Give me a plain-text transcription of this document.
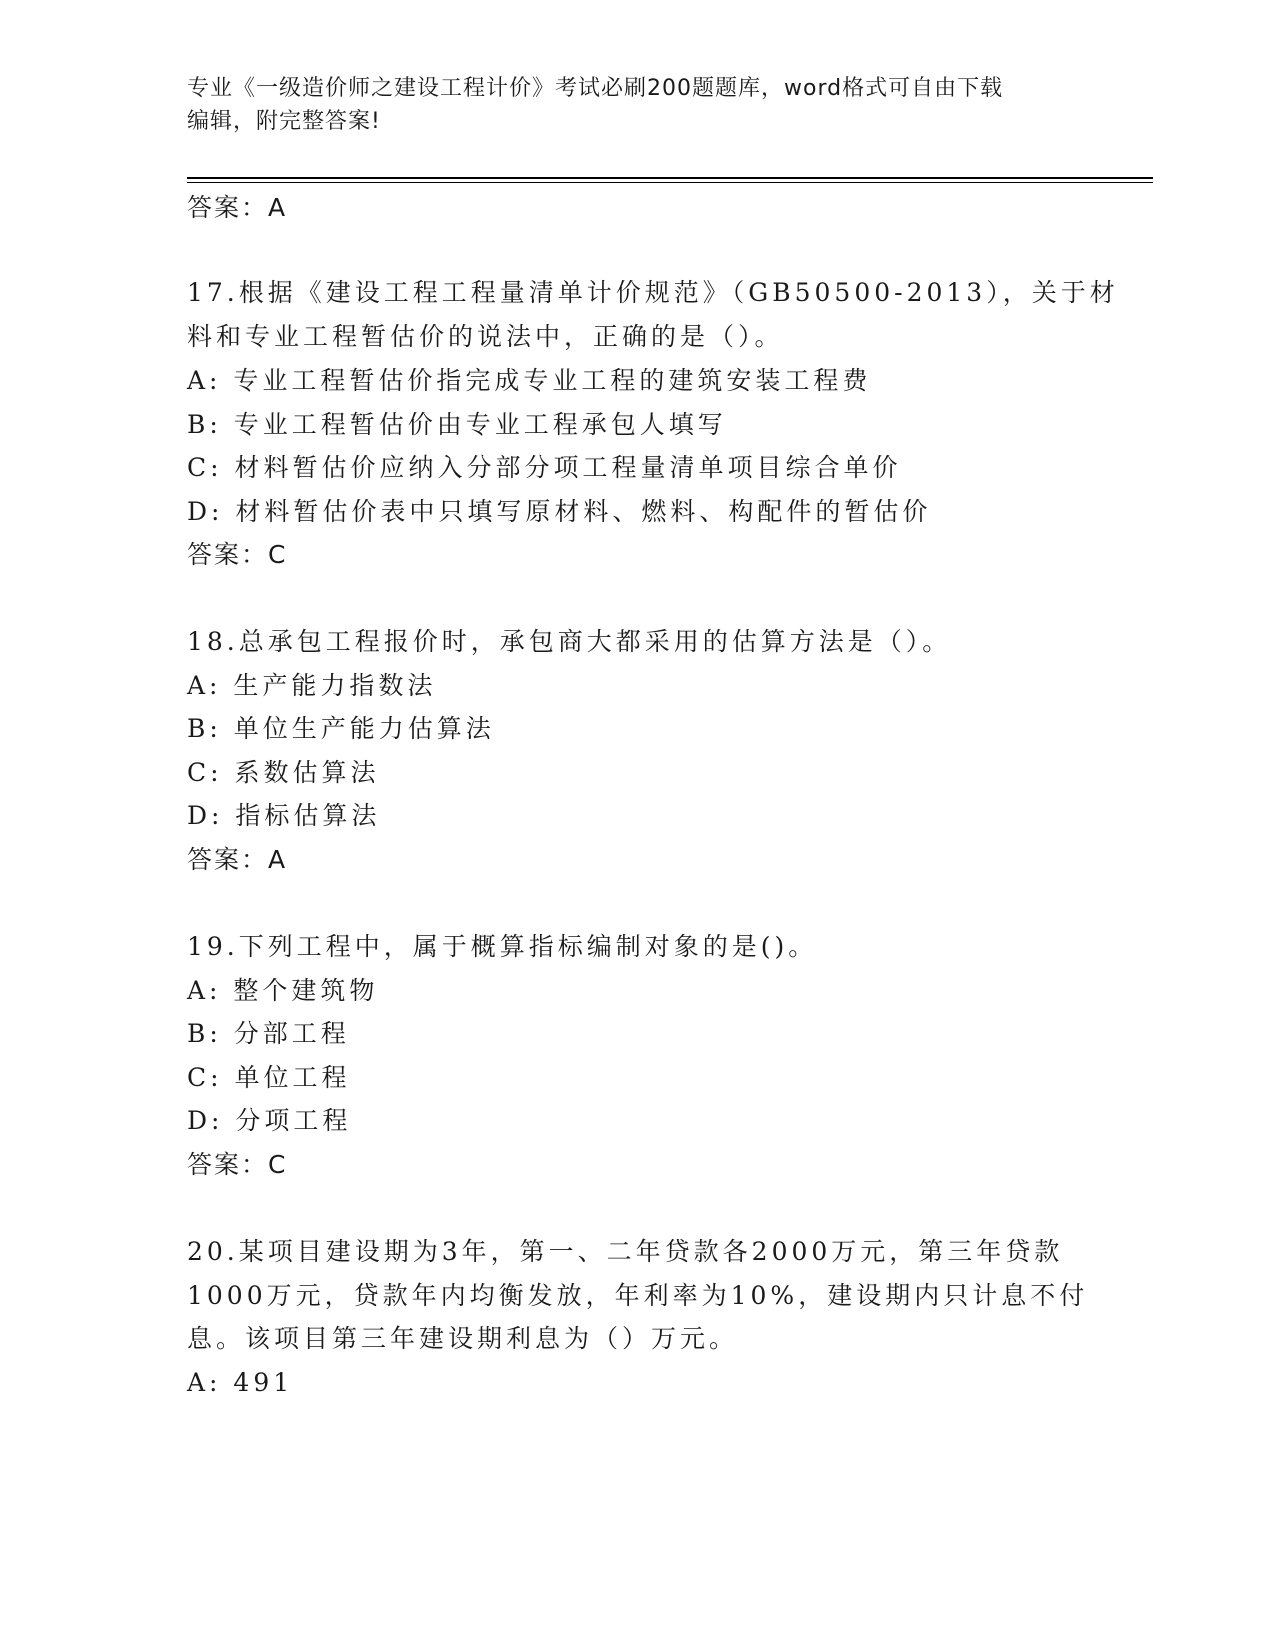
专业《一级造价师之建设工程计价》考试必刷200题题库，word格式可自由下载
编辑，附完整答案!
答案：A
17.根据《建设工程工程量清单计价规范》（GB50500-2013），关于材
料和专业工程暂估价的说法中，正确的是（）。
A: 专业工程暂估价指完成专业工程的建筑安装工程费
B: 专业工程暂估价由专业工程承包人填写
C: 材料暂估价应纳入分部分项工程量清单项目综合单价
D: 材料暂估价表中只填写原材料、燃料、构配件的暂估价
答案：C
18.总承包工程报价时，承包商大都采用的估算方法是（）。
A: 生产能力指数法
B: 单位生产能力估算法
C: 系数估算法
D: 指标估算法
答案：A
19.下列工程中，属于概算指标编制对象的是()。
A: 整个建筑物
B: 分部工程
C: 单位工程
D: 分项工程
答案：C
20.某项目建设期为3年，第一、二年贷款各2000万元，第三年贷款
1000万元，贷款年内均衡发放，年利率为10%，建设期内只计息不付
息。该项目第三年建设期利息为（）万元。
A: 491
